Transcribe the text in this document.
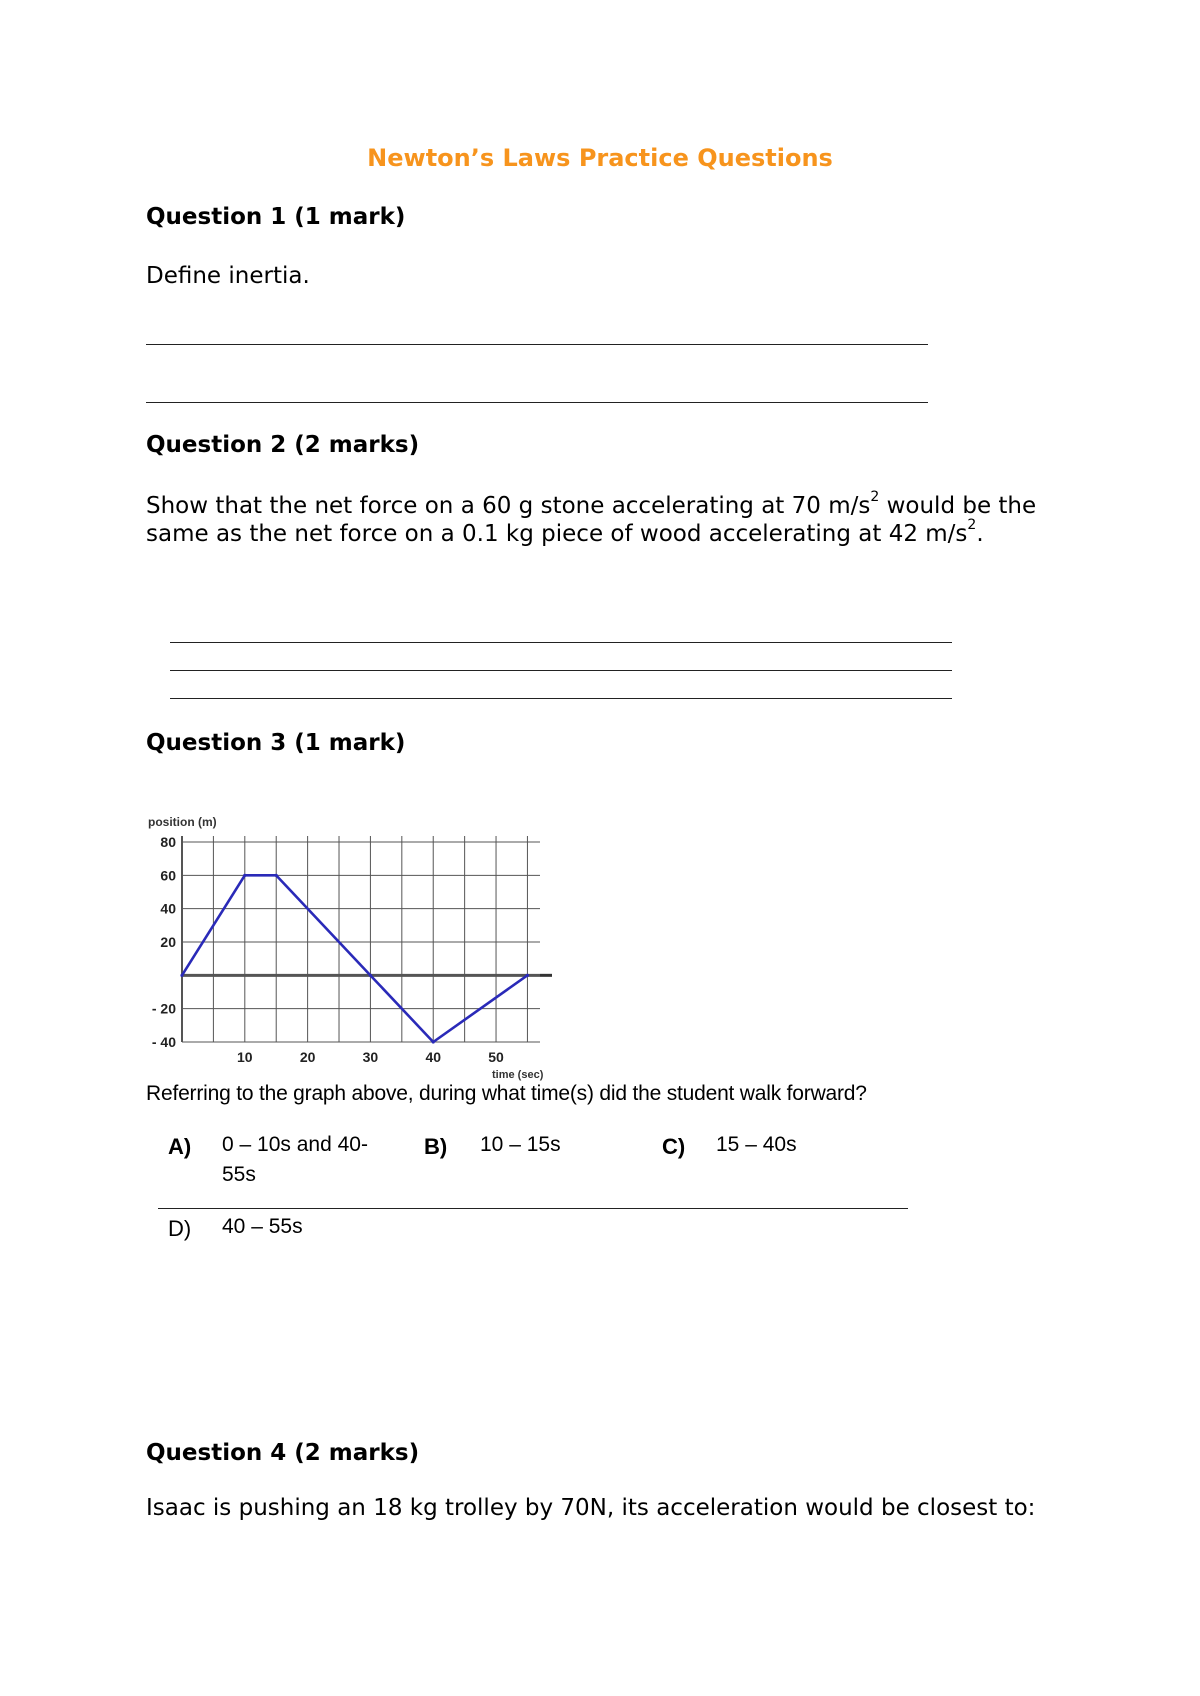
Newton’s Laws Practice Questions
Question 1 (1 mark)
Define inertia.
Question 2 (2 marks)
Show that the net force on a 60 g stone accelerating at 70 $m/s^2$ would be the same as the net force on a 0.1 kg piece of wood accelerating at 42 $m/s^2$.
Question 3 (1 mark)
position (m)
time (sec)
80
60
40
20
- 20
- 40
10	20	30	40	50
Referring to the graph above, during what time(s) did the student walk forward?
A) 0 – 10s and 40-55s
B) 10 – 15s	C) 15 – 40s
D) 40 – 55s
Question 4 (2 marks)
Isaac is pushing an 18 kg trolley by 70N, its acceleration would be closest to:
